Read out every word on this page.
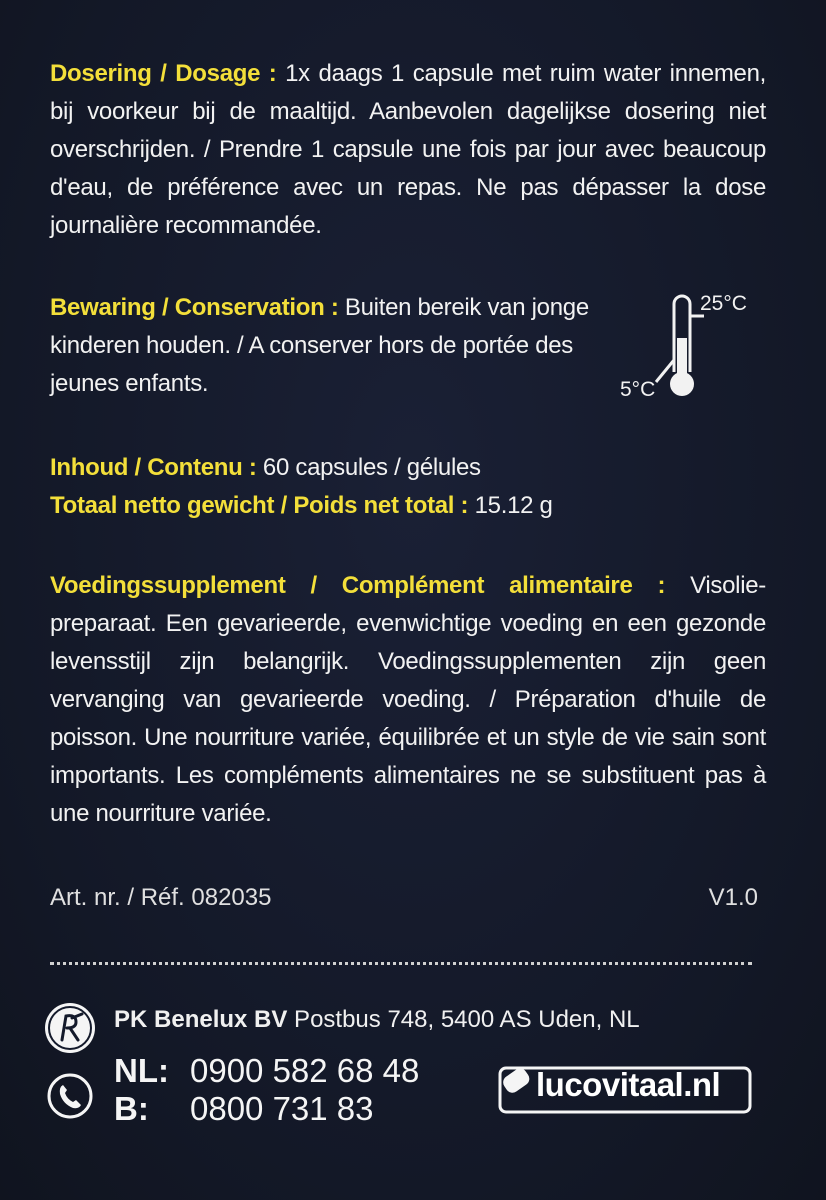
Dosering / Dosage : 1x daags 1 capsule met ruim water innemen, bij voorkeur bij de maaltijd. Aanbevolen dagelijkse dosering niet overschrijden. / Prendre 1 capsule une fois par jour avec beaucoup d'eau, de préférence avec un repas. Ne pas dépasser la dose journalière recommandée.
Bewaring / Conservation : Buiten bereik van jonge kinderen houden. / A conserver hors de portée des jeunes enfants.
25°C
5°C
Inhoud / Contenu : 60 capsules / gélules
Totaal netto gewicht / Poids net total : 15.12 g
Voedingssupplement / Complément alimentaire : Visolie-preparaat. Een gevarieerde, evenwichtige voeding en een gezonde levensstijl zijn belangrijk. Voedingssupplementen zijn geen vervanging van gevarieerde voeding. / Préparation d'huile de poisson. Une nourriture variée, équilibrée et un style de vie sain sont importants. Les compléments alimentaires ne se substituent pas à une nourriture variée.
Art. nr. / Réf. 082035	V1.0
PK Benelux BV Postbus 748, 5400 AS Uden, NL
NL: 0900 582 68 48
B: 0800 731 83
lucovitaal.nl
